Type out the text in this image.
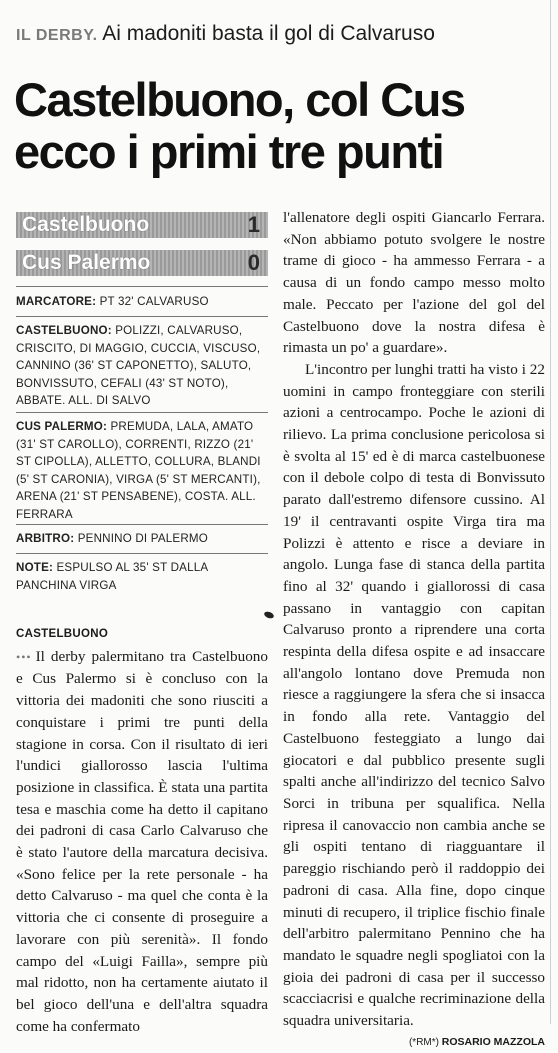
IL DERBY. Ai madoniti basta il gol di Calvaruso
Castelbuono, col Cus
ecco i primi tre punti
Castelbuono	1
Cus Palermo	0
MARCATORE: PT 32' CALVARUSO
CASTELBUONO: POLIZZI, CALVARUSO, CRISCITO, DI MAGGIO, CUCCIA, VISCUSO, CANNINO (36' ST CAPONETTO), SALUTO, BONVISSUTO, CEFALI (43' ST NOTO), ABBATE. ALL. DI SALVO
CUS PALERMO: PREMUDA, LALA, AMATO (31' ST CAROLLO), CORRENTI, RIZZO (21' ST CIPOLLA), ALLETTO, COLLURA, BLANDI (5' ST CARONIA), VIRGA (5' ST MERCANTI), ARENA (21' ST PENSABENE), COSTA. ALL. FERRARA
ARBITRO: PENNINO DI PALERMO
NOTE: ESPULSO AL 35' ST DALLA PANCHINA VIRGA
CASTELBUONO

••• Il derby palermitano tra Castelbuono e Cus Palermo si è concluso con la vittoria dei madoniti che sono riusciti a conquistare i primi tre punti della stagione in corsa. Con il risultato di ieri l'undici giallorosso lascia l'ultima posizione in classifica. È stata una partita tesa e maschia come ha detto il capitano dei padroni di casa Carlo Calvaruso che è stato l'autore della marcatura decisiva. «Sono felice per la rete personale - ha detto Calvaruso - ma quel che conta è la vittoria che ci consente di proseguire a lavorare con più serenità». Il fondo campo del «Luigi Failla», sempre più mal ridotto, non ha certamente aiutato il bel gioco dell'una e dell'altra squadra come ha confermato

l'allenatore degli ospiti Giancarlo Ferrara. «Non abbiamo potuto svolgere le nostre trame di gioco - ha ammesso Ferrara - a causa di un fondo campo messo molto male. Peccato per l'azione del gol del Castelbuono dove la nostra difesa è rimasta un po' a guardare».

L'incontro per lunghi tratti ha visto i 22 uomini in campo fronteggiare con sterili azioni a centrocampo. Poche le azioni di rilievo. La prima conclusione pericolosa si è svolta al 15' ed è di marca castelbuonese con il debole colpo di testa di Bonvissuto parato dall'estremo difensore cussino. Al 19' il centravanti ospite Virga tira ma Polizzi è attento e risce a deviare in angolo. Lunga fase di stanca della partita fino al 32' quando i giallorossi di casa passano in vantaggio con capitan Calvaruso pronto a riprendere una corta respinta della difesa ospite e ad insaccare all'angolo lontano dove Premuda non riesce a raggiungere la sfera che si insacca in fondo alla rete. Vantaggio del Castelbuono festeggiato a lungo dai giocatori e dal pubblico presente sugli spalti anche all'indirizzo del tecnico Salvo Sorci in tribuna per squalifica. Nella ripresa il canovaccio non cambia anche se gli ospiti tentano di riagguantare il pareggio rischiando però il raddoppio dei padroni di casa. Alla fine, dopo cinque minuti di recupero, il triplice fischio finale dell'arbitro palermitano Pennino che ha mandato le squadre negli spogliatoi con la gioia dei padroni di casa per il successo scacciacrisi e qualche recriminazione della squadra universitaria.

(*RM*) ROSARIO MAZZOLA
